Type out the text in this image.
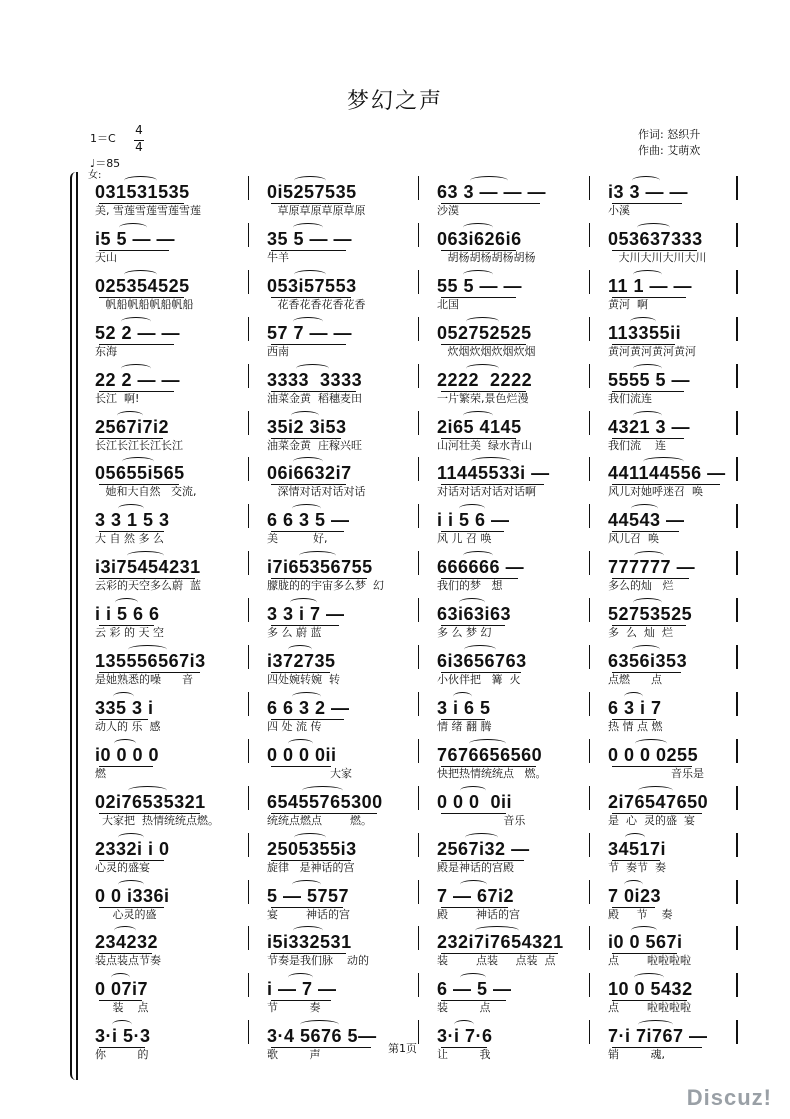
梦幻之声
1＝C
4
4
♩＝85
女:
作词: 怒织升
作曲: 艾萌欢
031531535
美, 雪莲雪莲雪莲雪莲
0i5257535
草原草原草原草原
63 3 — — —
沙漠
i3 3 — —
小溪
i5 5 — —
天山
35 5 — —
牛羊
063i626i6
胡杨胡杨胡杨胡杨
053637333
大川大川大川大川
025354525
帆船帆船帆船帆船
053i57553
花香花香花香花香
55 5 — —
北国
11 1 — —
黄河  啊
52 2 — —
东海
57 7 — —
西南
052752525
炊烟炊烟炊烟炊烟
113355ii
黄河黄河黄河黄河
22 2 — —
长江  啊!
3333  3333
油菜金黄  稻穗麦田
2222  2222
一片繁荣,景色烂漫
5555 5 —
我们流连
2567i7i2
长江长江长江长江
35i2 3i53
油菜金黄  庄稼兴旺
2i65 4145
山河壮美  绿水青山
4321 3 —
我们流    连
05655i565
她和大自然   交流,
06i6632i7
深情对话对话对话
11445533i —
对话对话对话对话啊
441144556 —
风儿对她呼迷召  唤
3 3 1 5 3
大 自 然 多 么
6 6 3 5 —
美          好,
i i 5 6 —
风 儿 召 唤
44543 —
风儿召  唤
i3i75454231
云彩的天空多么蔚  蓝
i7i65356755
朦胧的的宇宙多么梦  幻
666666 —
我们的梦   想
777777 —
多么的灿   烂
i i 5 6 6
云 彩 的 天 空
3 3 i 7 —
多 么 蔚 蓝
63i63i63
多 么 梦 幻
52753525
多  么  灿  烂
135556567i3
是她熟悉的噪      音
i372735
四处婉转婉  转
6i3656763
小伙伴把   篝  火
6356i353
点燃      点
335 3 i
动人的 乐  感
6 6 3 2 —
四 处 流 传
3 i 6 5
情 绪 翻 腾
6 3 i 7
热 情 点 燃
i0 0 0 0
燃
0 0 0 0ii
大家
7676656560
快把热情统统点   燃。
0 0 0 0255
音乐是
02i76535321
大家把  热情统统点燃。
65455765300
统统点燃点        燃。
0 0 0  0ii
音乐
2i76547650
是  心  灵的盛  宴
2332i i 0
心灵的盛宴
2505355i3
旋律   是神话的宫
2567i32 —
殿是神话的宫殿
34517i
节  奏节  奏
0 0 i336i
心灵的盛
5 — 5757
宴        神话的宫
7 — 67i2
殿        神话的宫
7 0i23
殿     节    奏
234232
装点装点节奏
i5i332531
节奏是我们脉    动的
232i7i7654321
装        点装     点装  点
i0 0 567i
点        啦啦啦啦
0 07i7
装    点
i — 7 —
节         奏
6 — 5 —
装         点
10 0 5432
点        啦啦啦啦
3·i 5·3
你         的
3·4 5676 5—
歌         声
3·i 7·6
让         我
7·i 7i767 —
销         魂,
第1页
Discuz!
